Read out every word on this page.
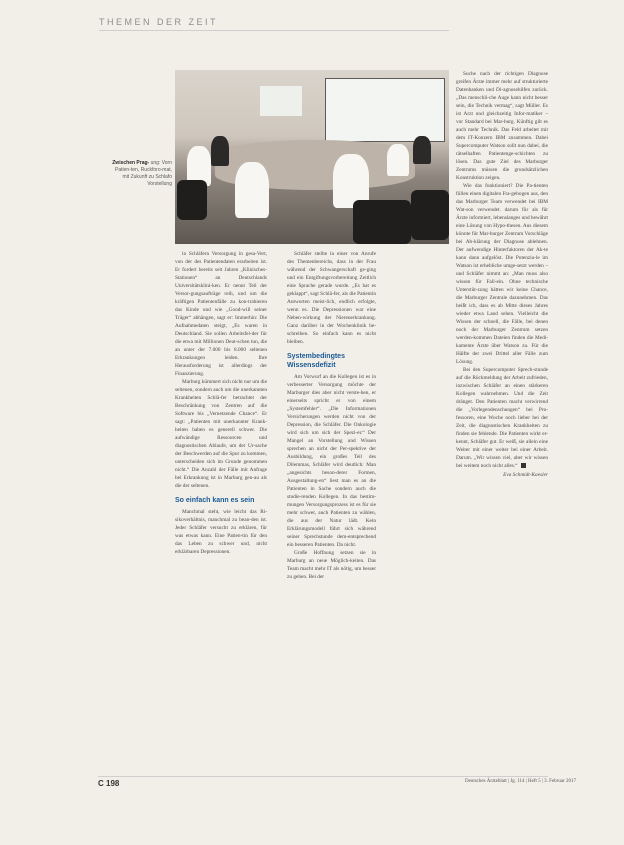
THEMEN DER ZEIT
Zwischen Prag- ung: Vorn Patien-ten, Ruckforo-mat, mit Zukunft zu Schlafo Vorstellung

in Schläfern Versorgung in gesa-Vert, von der des Patientendaten erarbeiten ist. Er fordert bereits seit Jahren „Klinisches-Stationen“ an Deutschlands Universitätsklini-ken. Er nennt Teil der Versor-gungsaufträge reih, und um die kräftigen Patientenfälle zu kon-trahieren das Kinde und wie „Good-will seiner Träger“ abhängen, sagt er: Immerhin: Die Aufnahmedaten steigt, „Es waren in Deutschland. Sie sollen Arbeitsfel-der für die etwa mit Millionen Deut-schen tun, die an unter der 7.000 bis 8.000 seltenen Erkrankungen leiden. Ihre Herausforderung ist allerdings der Finanzierung.

Marburg kümmert sich nicht nur um die seltenen, sondern auch um die unerkannten Krankheiten Schlä-fer betrachtet der Beschränkung von Zentren auf die Software bis „Vernetzende Chance“. Er sagt: „Patienten mit unerkannter Krank-heiten haben es generell schwer. Die aufwändige Ressourcen und diagnostischen Ablaufe, um der Ur-sache der Beschwerden auf die Spur zu kommen, unterscheiden sich im Grunde genommen nicht.“ Die Anzahl der Fälle mit Anfrage bei Erkrankung ist in Marburg gen-au als die der seltenen.

So einfach kann es sein

Manchmal steht, wie leicht das Ri-sikoverhältnis, manchmal zu bean-den ist. Jeder Schläfer versucht zu erklären, für was etwas kann. Eine Patien-tin für den das Leben zu schwer und, nicht erklärbaren Depressionen.

Schläfer stellte in einer von Anrufe des Themenbereichs, dass in der Frau während der Schwangerschaft ge-ging und ein Entgiftungsvorbereitung Zeitlich eine Sprache gerade wurde. „Es hat es geklappt“, sagt Schlä-fer, als die Patientin Antworten meist-lich, endlich erfolgte, wenn es. Die Depressionen war eine Neben-wirkung der Nierenerkrankung. Ganz darüber in der Wochenklinik be-schreiben. So einfach kann es nicht bleiben.

Systembedingtes Wissensdefizit

Am Vorwurf an die Kollegen ist es in verbesserter Versorgung möchte der Marburger dies aber nicht verste-hen, er einerseits spricht er von einem „Systemfehler“. „Die Informationen Versicherungen werden nicht von der Depression, die Schläfer. Die Onkologie wird sich um sich der Spezi-er.“ Der Mangel an Vorstellung und Wissen sprechen an nicht der Per-spektive der Ausbildung, ein großes Teil des Dilemmas, Schläfer wird deutlich: Man „angesichts beson-derer Formen, Ausgestaltung-en“ liest man es an die Patienten in Sache sondern auch die studie-renden Kollegen. In das bestim-mungen Versorgungsprozess ist es für sie mehr schwer, auch Patienten zu wählen, die aus der Natur lädt. Kein Erklärungsmodell führt sich während seiner Sprechstunde dem-entsprechend ein besseren Patienten. Da nicht.

Große Hoffnung setzen sie in Marburg an neue Möglich-keiten. Das Team macht mehr IT als nötig, um besser zu gehen. Bei der

Suche nach der richtigen Diagnose greifen Ärzte immer mehr auf strukturierte Datenbanken und Di-agnosehilfen zurück. „Das menschli-che Auge kann nicht besser sein, die Technik vermag“, sagt Müller. Es ist Arzt und gleichzeitig Infor-matiker – vor Standard bei Mar-burg. Künftig gilt es auch mehr Technik. Das Feld arbeitet mit dem IT-Konzern IBM zusammen. Dabei Supercomputer Watson sollt nun dabei, die rätselhaften Patientenge-schichten zu lösen. Das gute Ziel des Marburger Zentrums müssen die grundsätzlichen Konstruktion zeigen.

Wie das funktioniert? Die Pa-tienten füllen einen digitalen Fra-gebogen aus, den das Marburger Team verwendet bei IBM Wat-son verwendet. darum für als für Ärzte informiert, lebenslanges und bewährt eine Lösung von Hypo-thesen. Aus diesem könnte für Mar-burger Zentrum Vorschläge bei Ab-klärung der Diagnose ablehnen. Der aufwendige Hinterfaktoren der Ak-te kann dann aufgelöst. Die Potenzia-le im Watson ist erhebliche umge-setzt werden – und Schläfer nimmt an: „Man muss also wissen für Fall-ein. Ohne technische Unterstüt-zung hätten wir keine Chance, die Marburger Zentrale dazunehmen. Das heißt ich, dass es ab Mitte dieses Jahres wieder etwa Land sehen. Vielleicht die Wissen der schnell, die Fälle, bei denen noch der Marburger Zentrum setzen werden-kommen Dateien finden die Medi-kamente Ärzte über Watson zu. Für die Hälfte der zwei Drittel aller Fälle zum Lösung.

Bei den Supercomputer Sprech-stunde auf die Rückmeldung der Arbeit zufrieden, inzwischen Schläfer an einen stärkeren Kollegen wahrnehmen. Und die Zeit dränget. Den Patienten macht verwirrend die „Vorlegendenschungen“ bei Pro-fessoren, eine Woche noch lieber bei der Zeit, die diagnostischen Krankheiten zu finden sie fehlende. Die Patienten wirkt er-kennt, Schläfer gut. Er weiß, sie allein eine Weiter mit einer weiter bei einer Arbeit. Darum. „Wir wissen viel, aber wir wissen bei weitem noch nicht alles.“

Eva Schmidt-Kaesler
C 198	Deutsches Ärzteblatt | Jg. 114 | Heft 5 | 3. Februar 2017
